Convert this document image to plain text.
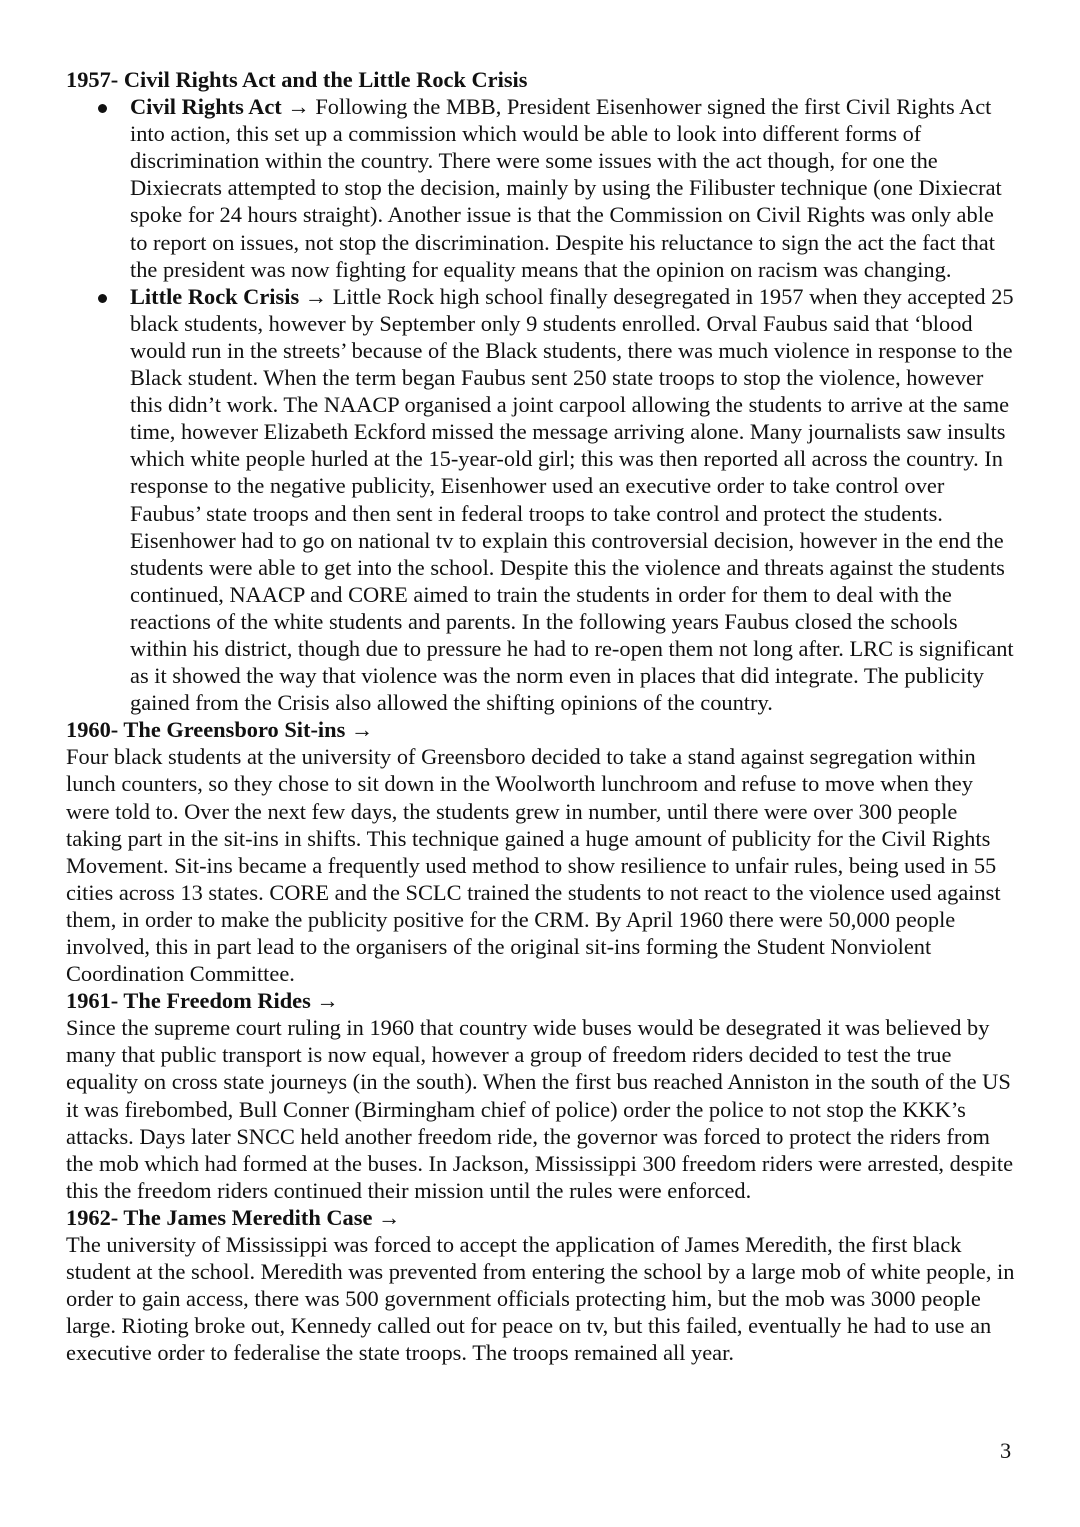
1957- Civil Rights Act and the Little Rock Crisis
Civil Rights Act → Following the MBB, President Eisenhower signed the first Civil Rights Act into action, this set up a commission which would be able to look into different forms of discrimination within the country. There were some issues with the act though, for one the Dixiecrats attempted to stop the decision, mainly by using the Filibuster technique (one Dixiecrat spoke for 24 hours straight). Another issue is that the Commission on Civil Rights was only able to report on issues, not stop the discrimination. Despite his reluctance to sign the act the fact that the president was now fighting for equality means that the opinion on racism was changing.
Little Rock Crisis → Little Rock high school finally desegregated in 1957 when they accepted 25 black students, however by September only 9 students enrolled. Orval Faubus said that ‘blood would run in the streets’ because of the Black students, there was much violence in response to the Black student. When the term began Faubus sent 250 state troops to stop the violence, however this didn’t work. The NAACP organised a joint carpool allowing the students to arrive at the same time, however Elizabeth Eckford missed the message arriving alone. Many journalists saw insults which white people hurled at the 15-year-old girl; this was then reported all across the country. In response to the negative publicity, Eisenhower used an executive order to take control over Faubus’ state troops and then sent in federal troops to take control and protect the students. Eisenhower had to go on national tv to explain this controversial decision, however in the end the students were able to get into the school. Despite this the violence and threats against the students continued, NAACP and CORE aimed to train the students in order for them to deal with the reactions of the white students and parents. In the following years Faubus closed the schools within his district, though due to pressure he had to re-open them not long after. LRC is significant as it showed the way that violence was the norm even in places that did integrate. The publicity gained from the Crisis also allowed the shifting opinions of the country.
1960- The Greensboro Sit-ins →

Four black students at the university of Greensboro decided to take a stand against segregation within lunch counters, so they chose to sit down in the Woolworth lunchroom and refuse to move when they were told to. Over the next few days, the students grew in number, until there were over 300 people taking part in the sit-ins in shifts. This technique gained a huge amount of publicity for the Civil Rights Movement. Sit-ins became a frequently used method to show resilience to unfair rules, being used in 55 cities across 13 states. CORE and the SCLC trained the students to not react to the violence used against them, in order to make the publicity positive for the CRM. By April 1960 there were 50,000 people involved, this in part lead to the organisers of the original sit-ins forming the Student Nonviolent Coordination Committee.

1961- The Freedom Rides →

Since the supreme court ruling in 1960 that country wide buses would be desegrated it was believed by many that public transport is now equal, however a group of freedom riders decided to test the true equality on cross state journeys (in the south). When the first bus reached Anniston in the south of the US it was firebombed, Bull Conner (Birmingham chief of police) order the police to not stop the KKK’s attacks. Days later SNCC held another freedom ride, the governor was forced to protect the riders from the mob which had formed at the buses. In Jackson, Mississippi 300 freedom riders were arrested, despite this the freedom riders continued their mission until the rules were enforced.

1962- The James Meredith Case →

The university of Mississippi was forced to accept the application of James Meredith, the first black student at the school. Meredith was prevented from entering the school by a large mob of white people, in order to gain access, there was 500 government officials protecting him, but the mob was 3000 people large. Rioting broke out, Kennedy called out for peace on tv, but this failed, eventually he had to use an executive order to federalise the state troops. The troops remained all year.

3
